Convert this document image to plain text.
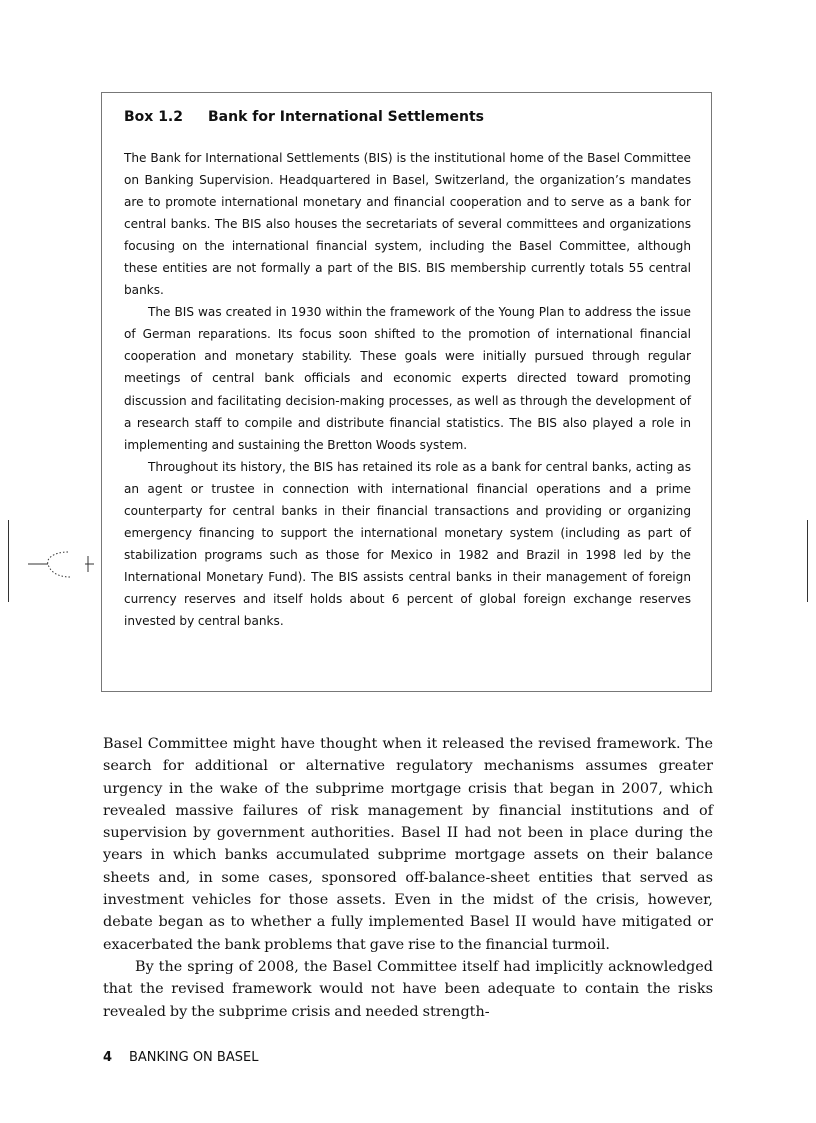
Box 1.2 Bank for International Settlements

The Bank for International Settlements (BIS) is the institutional home of the Basel Committee on Banking Supervision. Headquartered in Basel, Switzerland, the organization’s mandates are to promote international monetary and financial cooperation and to serve as a bank for central banks. The BIS also houses the secretariats of several committees and organizations focusing on the international financial system, including the Basel Committee, although these entities are not formally a part of the BIS. BIS membership currently totals 55 central banks.

The BIS was created in 1930 within the framework of the Young Plan to address the issue of German reparations. Its focus soon shifted to the promotion of international financial cooperation and monetary stability. These goals were initially pursued through regular meetings of central bank officials and economic experts directed toward promoting discussion and facilitating decision-making processes, as well as through the development of a research staff to compile and distribute financial statistics. The BIS also played a role in implementing and sustaining the Bretton Woods system.

Throughout its history, the BIS has retained its role as a bank for central banks, acting as an agent or trustee in connection with international financial operations and a prime counterparty for central banks in their financial transactions and providing or organizing emergency financing to support the international monetary system (including as part of stabilization programs such as those for Mexico in 1982 and Brazil in 1998 led by the International Monetary Fund). The BIS assists central banks in their management of foreign currency reserves and itself holds about 6 percent of global foreign exchange reserves invested by central banks.

Basel Committee might have thought when it released the revised framework. The search for additional or alternative regulatory mechanisms assumes greater urgency in the wake of the subprime mortgage crisis that began in 2007, which revealed massive failures of risk management by financial institutions and of supervision by government authorities. Basel II had not been in place during the years in which banks accumulated subprime mortgage assets on their balance sheets and, in some cases, sponsored off-balance-sheet entities that served as investment vehicles for those assets. Even in the midst of the crisis, however, debate began as to whether a fully implemented Basel II would have mitigated or exacerbated the bank problems that gave rise to the financial turmoil.

By the spring of 2008, the Basel Committee itself had implicitly acknowledged that the revised framework would not have been adequate to contain the risks revealed by the subprime crisis and needed strength-

4 BANKING ON BASEL
